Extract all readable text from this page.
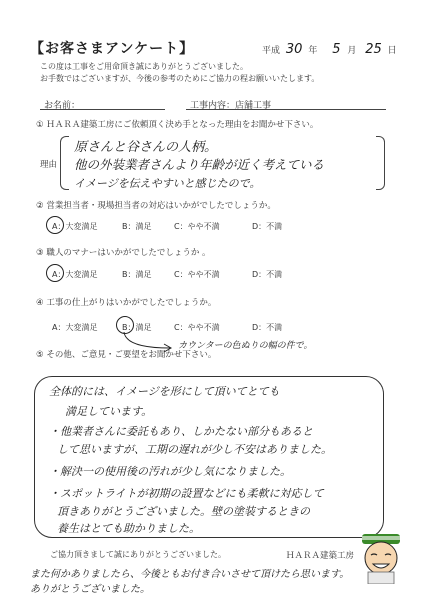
【お客さまアンケート】	平成 30 年 5 月 25 日
この度は工事をご用命頂き誠にありがとうございました。
お手数ではございますが、今後の参考のためにご協力の程お願いいたします。
お名前：	工事内容：店舗工事
① ＨＡＲＡ建築工房にご依頼頂く決め手となった理由をお聞かせ下さい。
理由
原さんと谷さんの人柄。
他の外装業者さんより年齢が近く考えている
イメージを伝えやすいと感じたので。
② 営業担当者・現場担当者の対応はいかがでしたでしょうか。
A：大変満足	B：満足	C：やや不満	D：不満
③ 職人のマナーはいかがでしたでしょうか 。
A：大変満足	B：満足	C：やや不満	D：不満
④ 工事の仕上がりはいかがでしたでしょうか。
A：大変満足	B：満足	C：やや不満	D：不満
カウンターの色ぬりの幅の件で。
⑤ その他、ご意見・ご要望をお聞かせ下さい。
全体的には、イメージを形にして頂いてとても
満足しています。
・他業者さんに委託もあり、しかたない部分もあると
して思いますが、工期の遅れが少し不安はありました。
・解決一の使用後の汚れが少し気になりました。
・スポットライトが初期の設置などにも柔軟に対応して
頂きありがとうございました。壁の塗装するときの
養生はとても助かりました。
ご協力頂きまして誠にありがとうございました。	ＨＡＲＡ建築工房
また何かありましたら、今後ともお付き合いさせて頂けたら思います。
ありがとうございました。
